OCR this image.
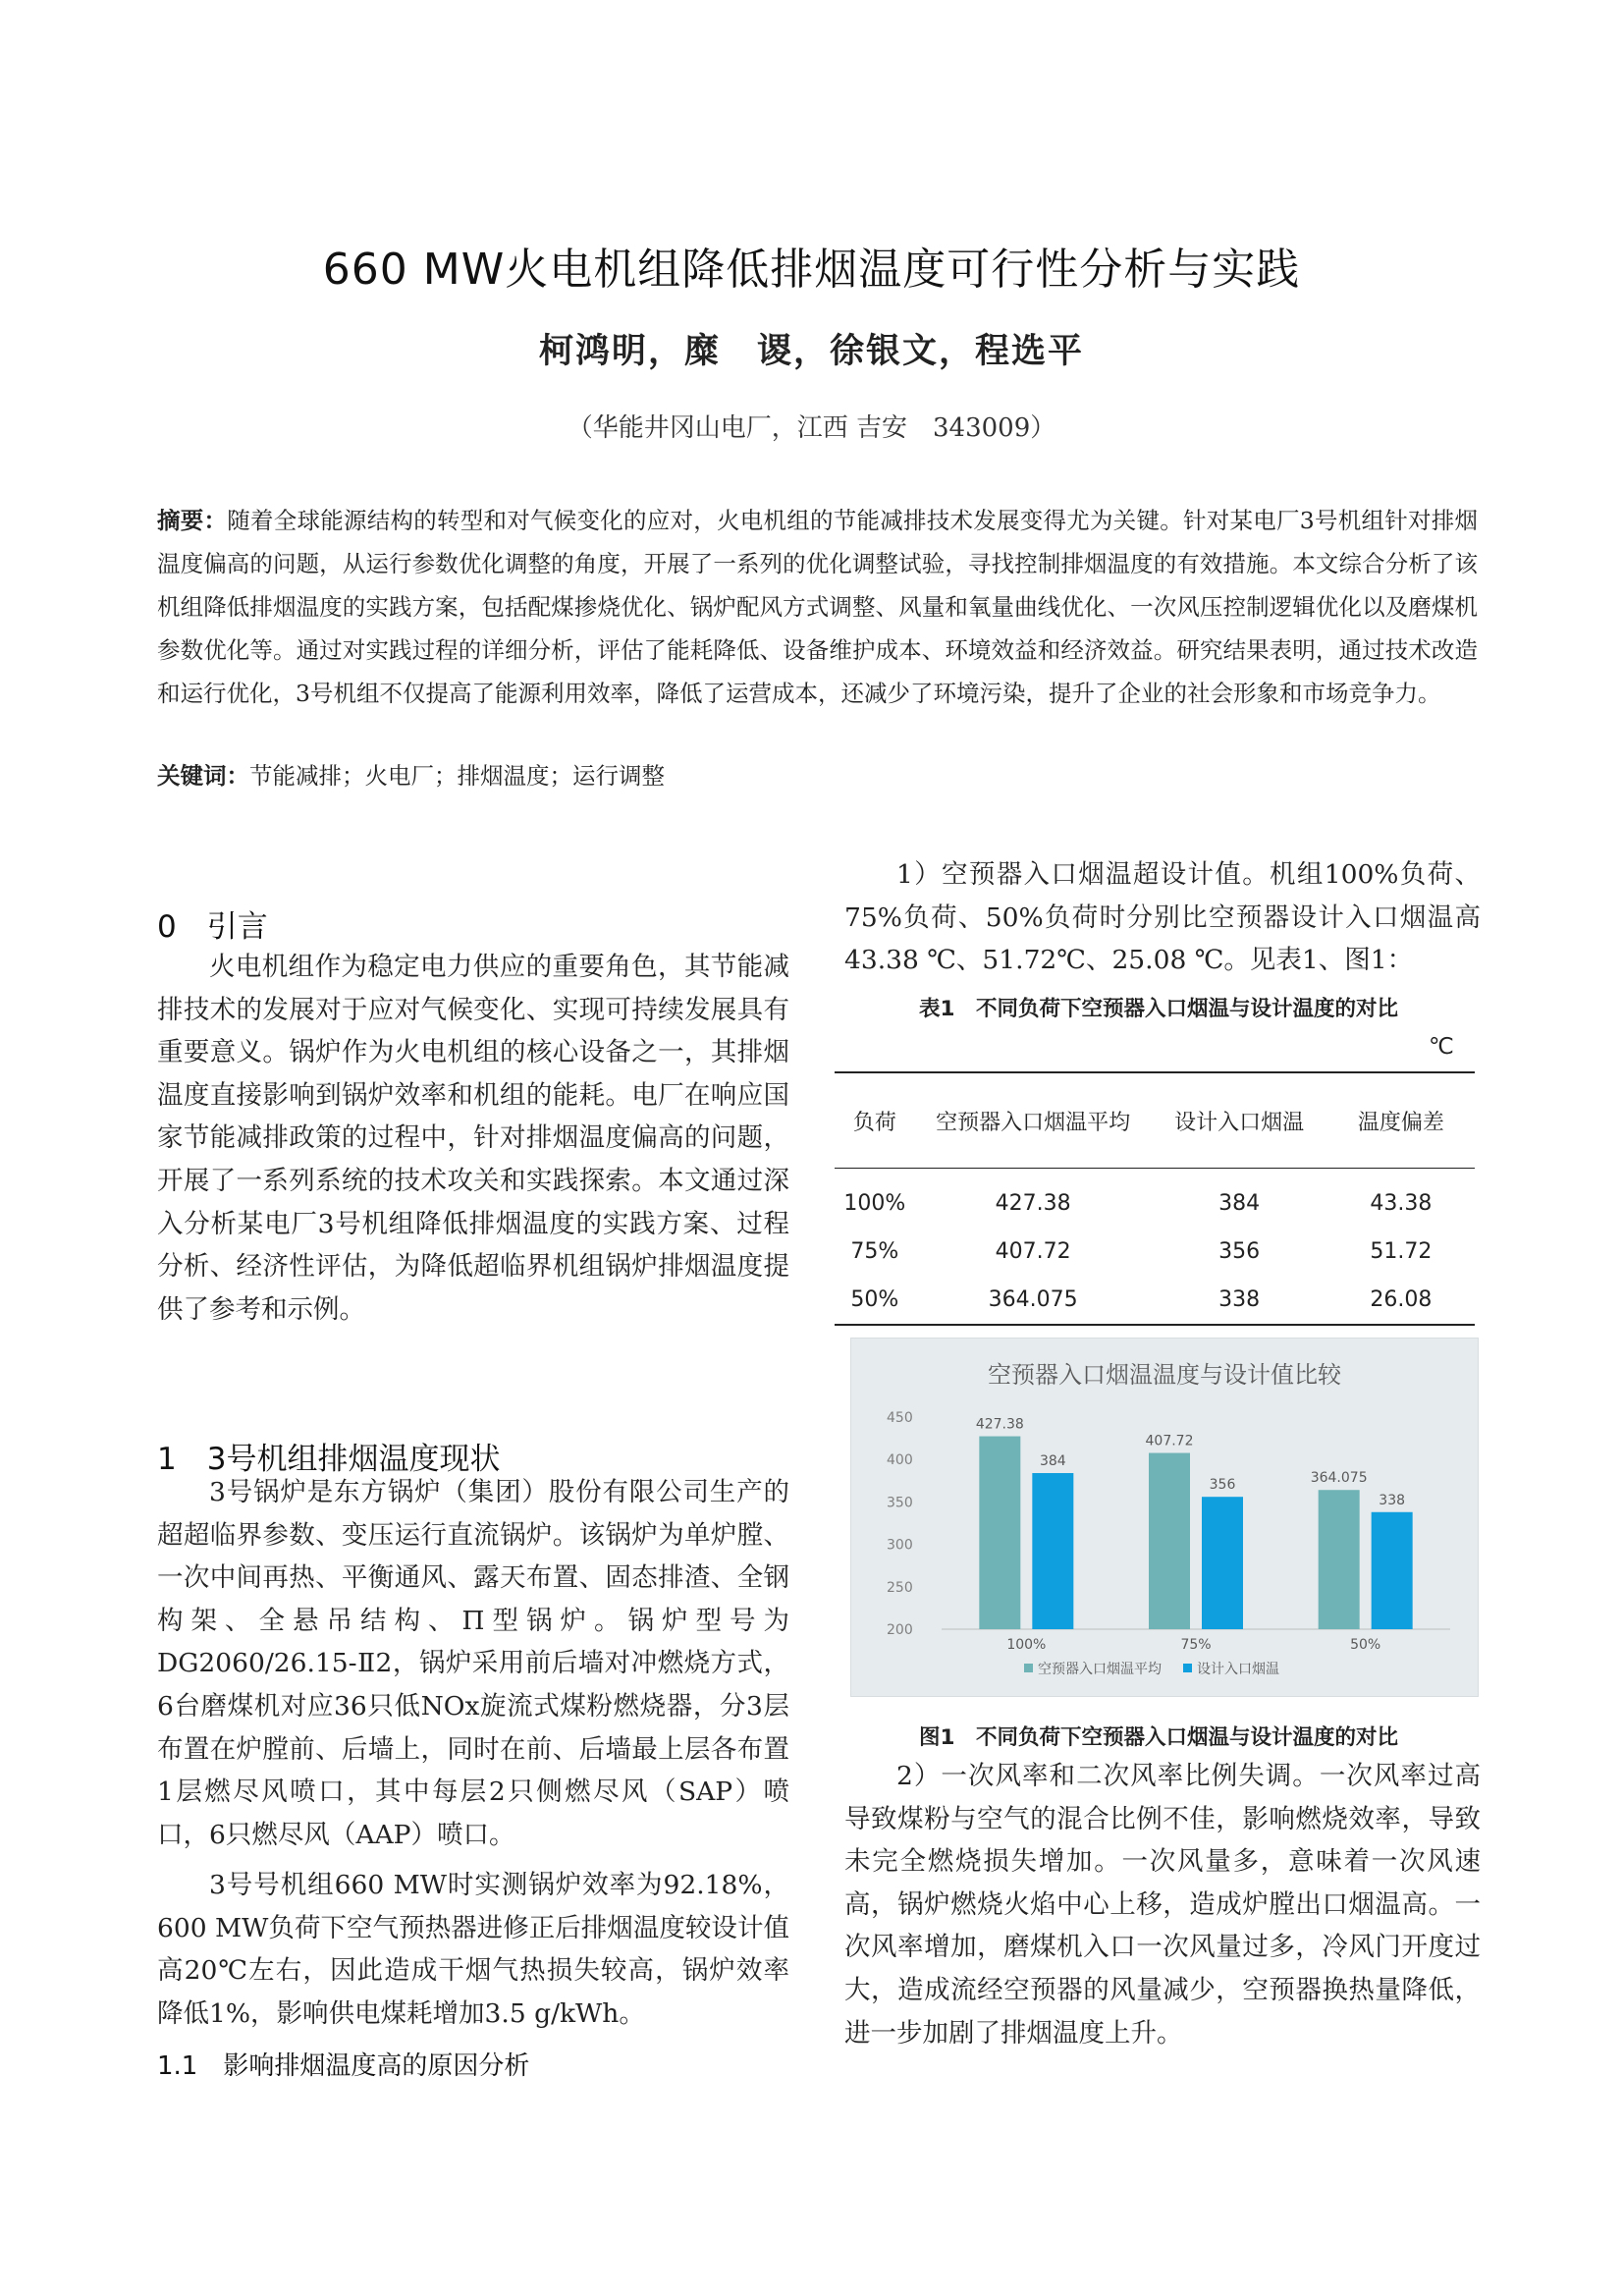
660 MW火电机组降低排烟温度可行性分析与实践
柯鸿明，糜　谡，徐银文，程选平
（华能井冈山电厂，江西 吉安　343009）
摘要：随着全球能源结构的转型和对气候变化的应对，火电机组的节能减排技术发展变得尤为关键。针对某电厂3号机组针对排烟温度偏高的问题，从运行参数优化调整的角度，开展了一系列的优化调整试验，寻找控制排烟温度的有效措施。本文综合分析了该机组降低排烟温度的实践方案，包括配煤掺烧优化、锅炉配风方式调整、风量和氧量曲线优化、一次风压控制逻辑优化以及磨煤机参数优化等。通过对实践过程的详细分析，评估了能耗降低、设备维护成本、环境效益和经济效益。研究结果表明，通过技术改造和运行优化，3号机组不仅提高了能源利用效率，降低了运营成本，还减少了环境污染，提升了企业的社会形象和市场竞争力。
关键词：节能减排；火电厂；排烟温度；运行调整
0　引言
火电机组作为稳定电力供应的重要角色，其节能减排技术的发展对于应对气候变化、实现可持续发展具有重要意义。锅炉作为火电机组的核心设备之一，其排烟温度直接影响到锅炉效率和机组的能耗。电厂在响应国家节能减排政策的过程中，针对排烟温度偏高的问题，开展了一系列系统的技术攻关和实践探索。本文通过深入分析某电厂3号机组降低排烟温度的实践方案、过程分析、经济性评估，为降低超临界机组锅炉排烟温度提供了参考和示例。
1　3号机组排烟温度现状
3号锅炉是东方锅炉（集团）股份有限公司生产的超超临界参数、变压运行直流锅炉。该锅炉为单炉膛、一次中间再热、平衡通风、露天布置、固态排渣、全钢构架、全悬吊结构、Π型锅炉。锅炉型号为DG2060/26.15-Ⅱ2，锅炉采用前后墙对冲燃烧方式，6台磨煤机对应36只低NOx旋流式煤粉燃烧器，分3层布置在炉膛前、后墙上，同时在前、后墙最上层各布置1层燃尽风喷口，其中每层2只侧燃尽风（SAP）喷口，6只燃尽风（AAP）喷口。
3号号机组660 MW时实测锅炉效率为92.18%，600 MW负荷下空气预热器进修正后排烟温度较设计值高20℃左右，因此造成干烟气热损失较高，锅炉效率降低1%，影响供电煤耗增加3.5 g/kWh。
1.1　影响排烟温度高的原因分析
1）空预器入口烟温超设计值。机组100%负荷、75%负荷、50%负荷时分别比空预器设计入口烟温高43.38 ℃、51.72℃、25.08 ℃。见表1、图1：
表1　不同负荷下空预器入口烟温与设计温度的对比
℃
负荷	空预器入口烟温平均	设计入口烟温	温度偏差
100%	427.38	384	43.38
75%	407.72	356	51.72
50%	364.075	338	26.08
空预器入口烟温温度与设计值比较
200
250
300
350
400
450	427.38
384
407.72
356	364.075
338
100%	75%	50%
空预器入口烟温平均	设计入口烟温
图1　不同负荷下空预器入口烟温与设计温度的对比
2）一次风率和二次风率比例失调。一次风率过高导致煤粉与空气的混合比例不佳，影响燃烧效率，导致未完全燃烧损失增加。一次风量多，意味着一次风速高，锅炉燃烧火焰中心上移，造成炉膛出口烟温高。一次风率增加，磨煤机入口一次风量过多，冷风门开度过大，造成流经空预器的风量减少，空预器换热量降低，进一步加剧了排烟温度上升。
